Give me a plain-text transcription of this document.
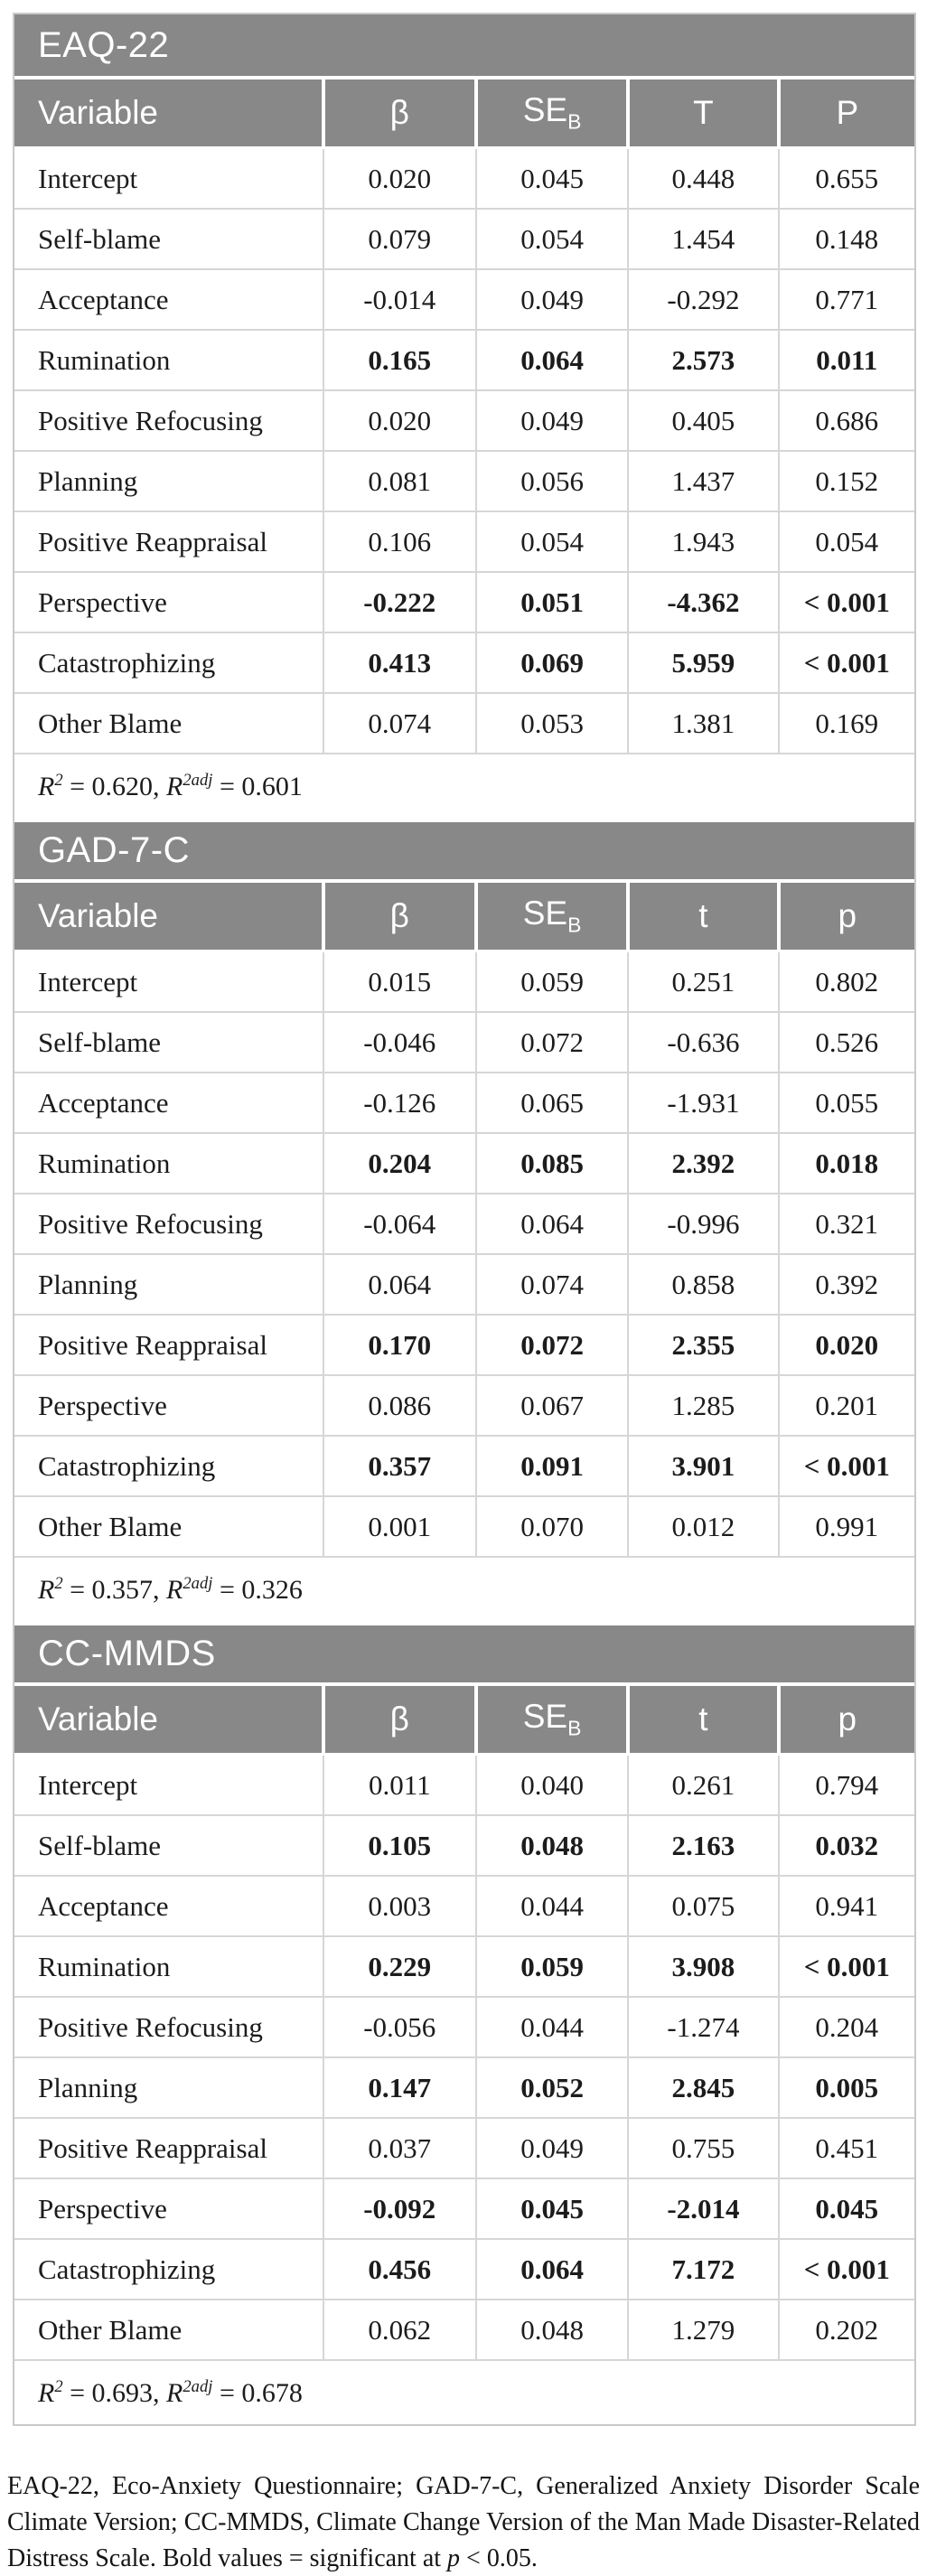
EAQ-22
Variable	β	$SE_B$	T	P
Intercept	0.020	0.045	0.448	0.655
Self-blame	0.079	0.054	1.454	0.148
Acceptance	-0.014	0.049	-0.292	0.771
Rumination	0.165	0.064	2.573	0.011
Positive Refocusing	0.020	0.049	0.405	0.686
Planning	0.081	0.056	1.437	0.152
Positive Reappraisal	0.106	0.054	1.943	0.054
Perspective	-0.222	0.051	-4.362	< 0.001
Catastrophizing	0.413	0.069	5.959	< 0.001
Other Blame	0.074	0.053	1.381	0.169
$R^2 = 0.620$, $R^{2adj} = 0.601$				
GAD-7-C
Variable	β	$SE_B$	t	p
Intercept	0.015	0.059	0.251	0.802
Self-blame	-0.046	0.072	-0.636	0.526
Acceptance	-0.126	0.065	-1.931	0.055
Rumination	0.204	0.085	2.392	0.018
Positive Refocusing	-0.064	0.064	-0.996	0.321
Planning	0.064	0.074	0.858	0.392
Positive Reappraisal	0.170	0.072	2.355	0.020
Perspective	0.086	0.067	1.285	0.201
Catastrophizing	0.357	0.091	3.901	< 0.001
Other Blame	0.001	0.070	0.012	0.991
$R^2 = 0.357$, $R^{2adj} = 0.326$				
CC-MMDS
Variable	β	$SE_B$	t	p
Intercept	0.011	0.040	0.261	0.794
Self-blame	0.105	0.048	2.163	0.032
Acceptance	0.003	0.044	0.075	0.941
Rumination	0.229	0.059	3.908	< 0.001
Positive Refocusing	-0.056	0.044	-1.274	0.204
Planning	0.147	0.052	2.845	0.005
Positive Reappraisal	0.037	0.049	0.755	0.451
Perspective	-0.092	0.045	-2.014	0.045
Catastrophizing	0.456	0.064	7.172	< 0.001
Other Blame	0.062	0.048	1.279	0.202
$R^2 = 0.693$, $R^{2adj} = 0.678$				
EAQ-22, Eco-Anxiety Questionnaire; GAD-7-C, Generalized Anxiety Disorder Scale Climate Version; CC-MMDS, Climate Change Version of the Man Made Disaster-Related Distress Scale. Bold values = significant at p < 0.05.
